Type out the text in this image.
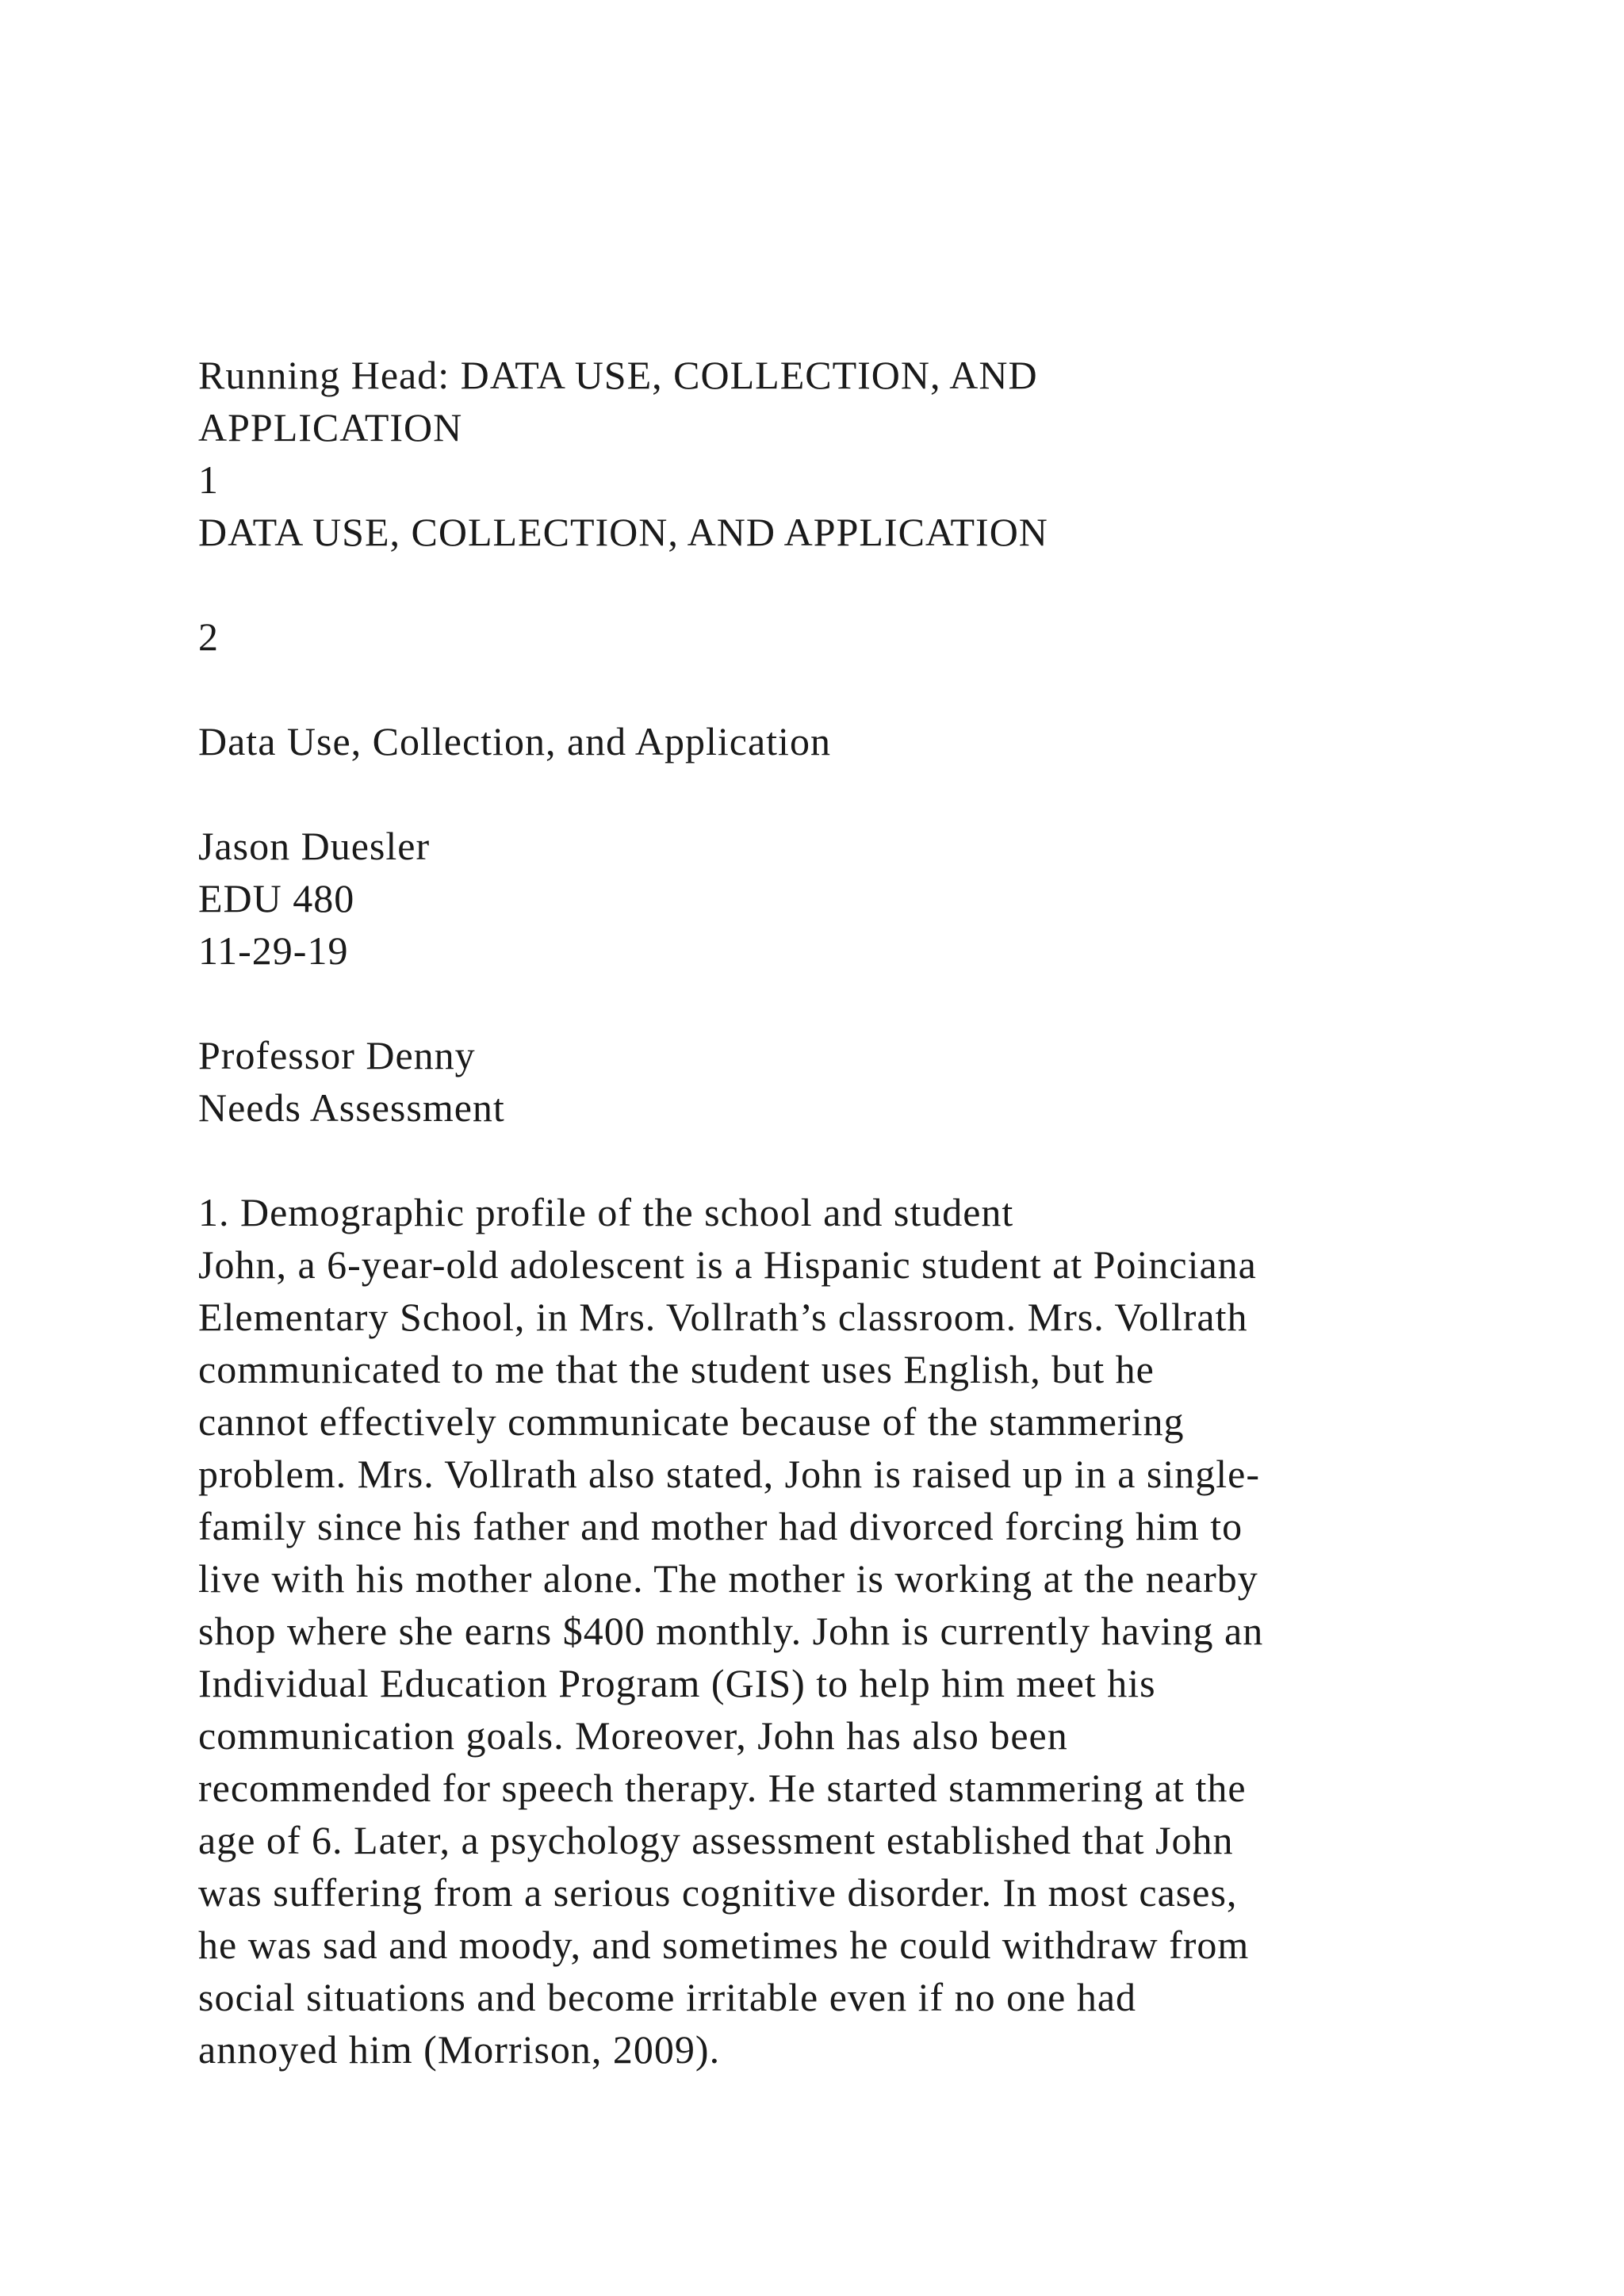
Running Head: DATA USE, COLLECTION, AND
APPLICATION
1
DATA USE, COLLECTION, AND APPLICATION
2
Data Use, Collection, and Application
Jason Duesler
EDU 480
11-29-19
Professor Denny
Needs Assessment
1. Demographic profile of the school and student
John, a 6-year-old adolescent is a Hispanic student at Poinciana
Elementary School, in Mrs. Vollrath’s classroom. Mrs. Vollrath
communicated to me that the student uses English, but he
cannot effectively communicate because of the stammering
problem. Mrs. Vollrath also stated, John is raised up in a single-
family since his father and mother had divorced forcing him to
live with his mother alone. The mother is working at the nearby
shop where she earns $400 monthly. John is currently having an
Individual Education Program (GIS) to help him meet his
communication goals. Moreover, John has also been
recommended for speech therapy. He started stammering at the
age of 6. Later, a psychology assessment established that John
was suffering from a serious cognitive disorder. In most cases,
he was sad and moody, and sometimes he could withdraw from
social situations and become irritable even if no one had
annoyed him (Morrison, 2009).
